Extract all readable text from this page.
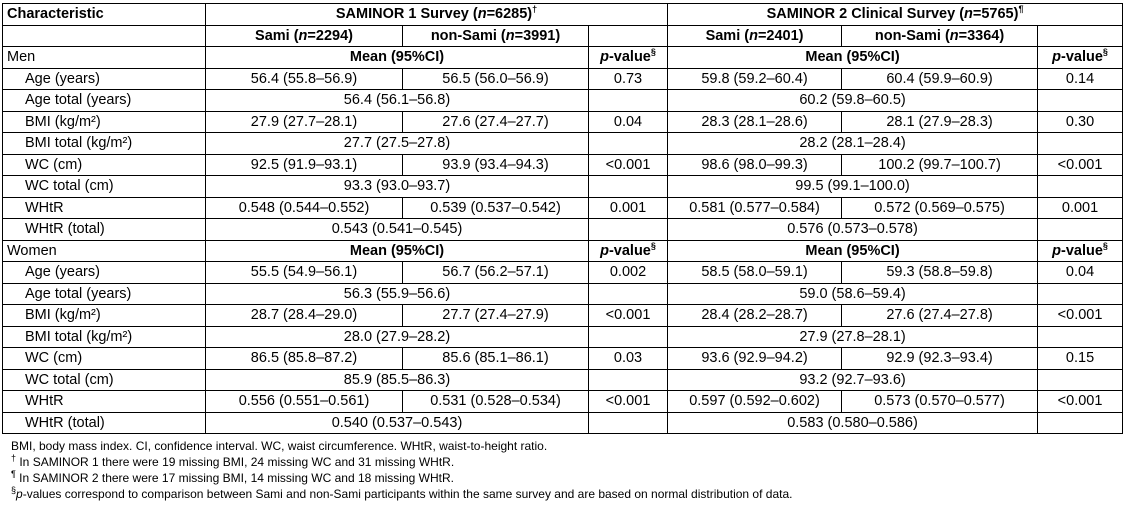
Characteristic	SAMINOR 1 Survey (n=6285)†			SAMINOR 2 Clinical Survey (n=5765)¶
	Sami (n=2294)	non-Sami (n=3991)		Sami (n=2401)	non-Sami (n=3364)	
Men	Mean (95%CI)		p-value§	Mean (95%CI)		p-value§
Age (years)	56.4 (55.8–56.9)	56.5 (56.0–56.9)	0.73	59.8 (59.2–60.4)	60.4 (59.9–60.9)	0.14
Age total (years)	56.4 (56.1–56.8)			60.2 (59.8–60.5)		
BMI (kg/m²)	27.9 (27.7–28.1)	27.6 (27.4–27.7)	0.04	28.3 (28.1–28.6)	28.1 (27.9–28.3)	0.30
BMI total (kg/m²)	27.7 (27.5–27.8)			28.2 (28.1–28.4)		
WC (cm)	92.5 (91.9–93.1)	93.9 (93.4–94.3)	<0.001	98.6 (98.0–99.3)	100.2 (99.7–100.7)	<0.001
WC total (cm)	93.3 (93.0–93.7)			99.5 (99.1–100.0)		
WHtR	0.548 (0.544–0.552)	0.539 (0.537–0.542)	0.001	0.581 (0.577–0.584)	0.572 (0.569–0.575)	0.001
WHtR (total)	0.543 (0.541–0.545)			0.576 (0.573–0.578)		
Women	Mean (95%CI)		p-value§	Mean (95%CI)		p-value§
Age (years)	55.5 (54.9–56.1)	56.7 (56.2–57.1)	0.002	58.5 (58.0–59.1)	59.3 (58.8–59.8)	0.04
Age total (years)	56.3 (55.9–56.6)			59.0 (58.6–59.4)		
BMI (kg/m²)	28.7 (28.4–29.0)	27.7 (27.4–27.9)	<0.001	28.4 (28.2–28.7)	27.6 (27.4–27.8)	<0.001
BMI total (kg/m²)	28.0 (27.9–28.2)			27.9 (27.8–28.1)		
WC (cm)	86.5 (85.8–87.2)	85.6 (85.1–86.1)	0.03	93.6 (92.9–94.2)	92.9 (92.3–93.4)	0.15
WC total (cm)	85.9 (85.5–86.3)			93.2 (92.7–93.6)		
WHtR	0.556 (0.551–0.561)	0.531 (0.528–0.534)	<0.001	0.597 (0.592–0.602)	0.573 (0.570–0.577)	<0.001
WHtR (total)	0.540 (0.537–0.543)			0.583 (0.580–0.586)		
BMI, body mass index. CI, confidence interval. WC, waist circumference. WHtR, waist-to-height ratio.
† In SAMINOR 1 there were 19 missing BMI, 24 missing WC and 31 missing WHtR.
¶ In SAMINOR 2 there were 17 missing BMI, 14 missing WC and 18 missing WHtR.
§p-values correspond to comparison between Sami and non-Sami participants within the same survey and are based on normal distribution of data.
